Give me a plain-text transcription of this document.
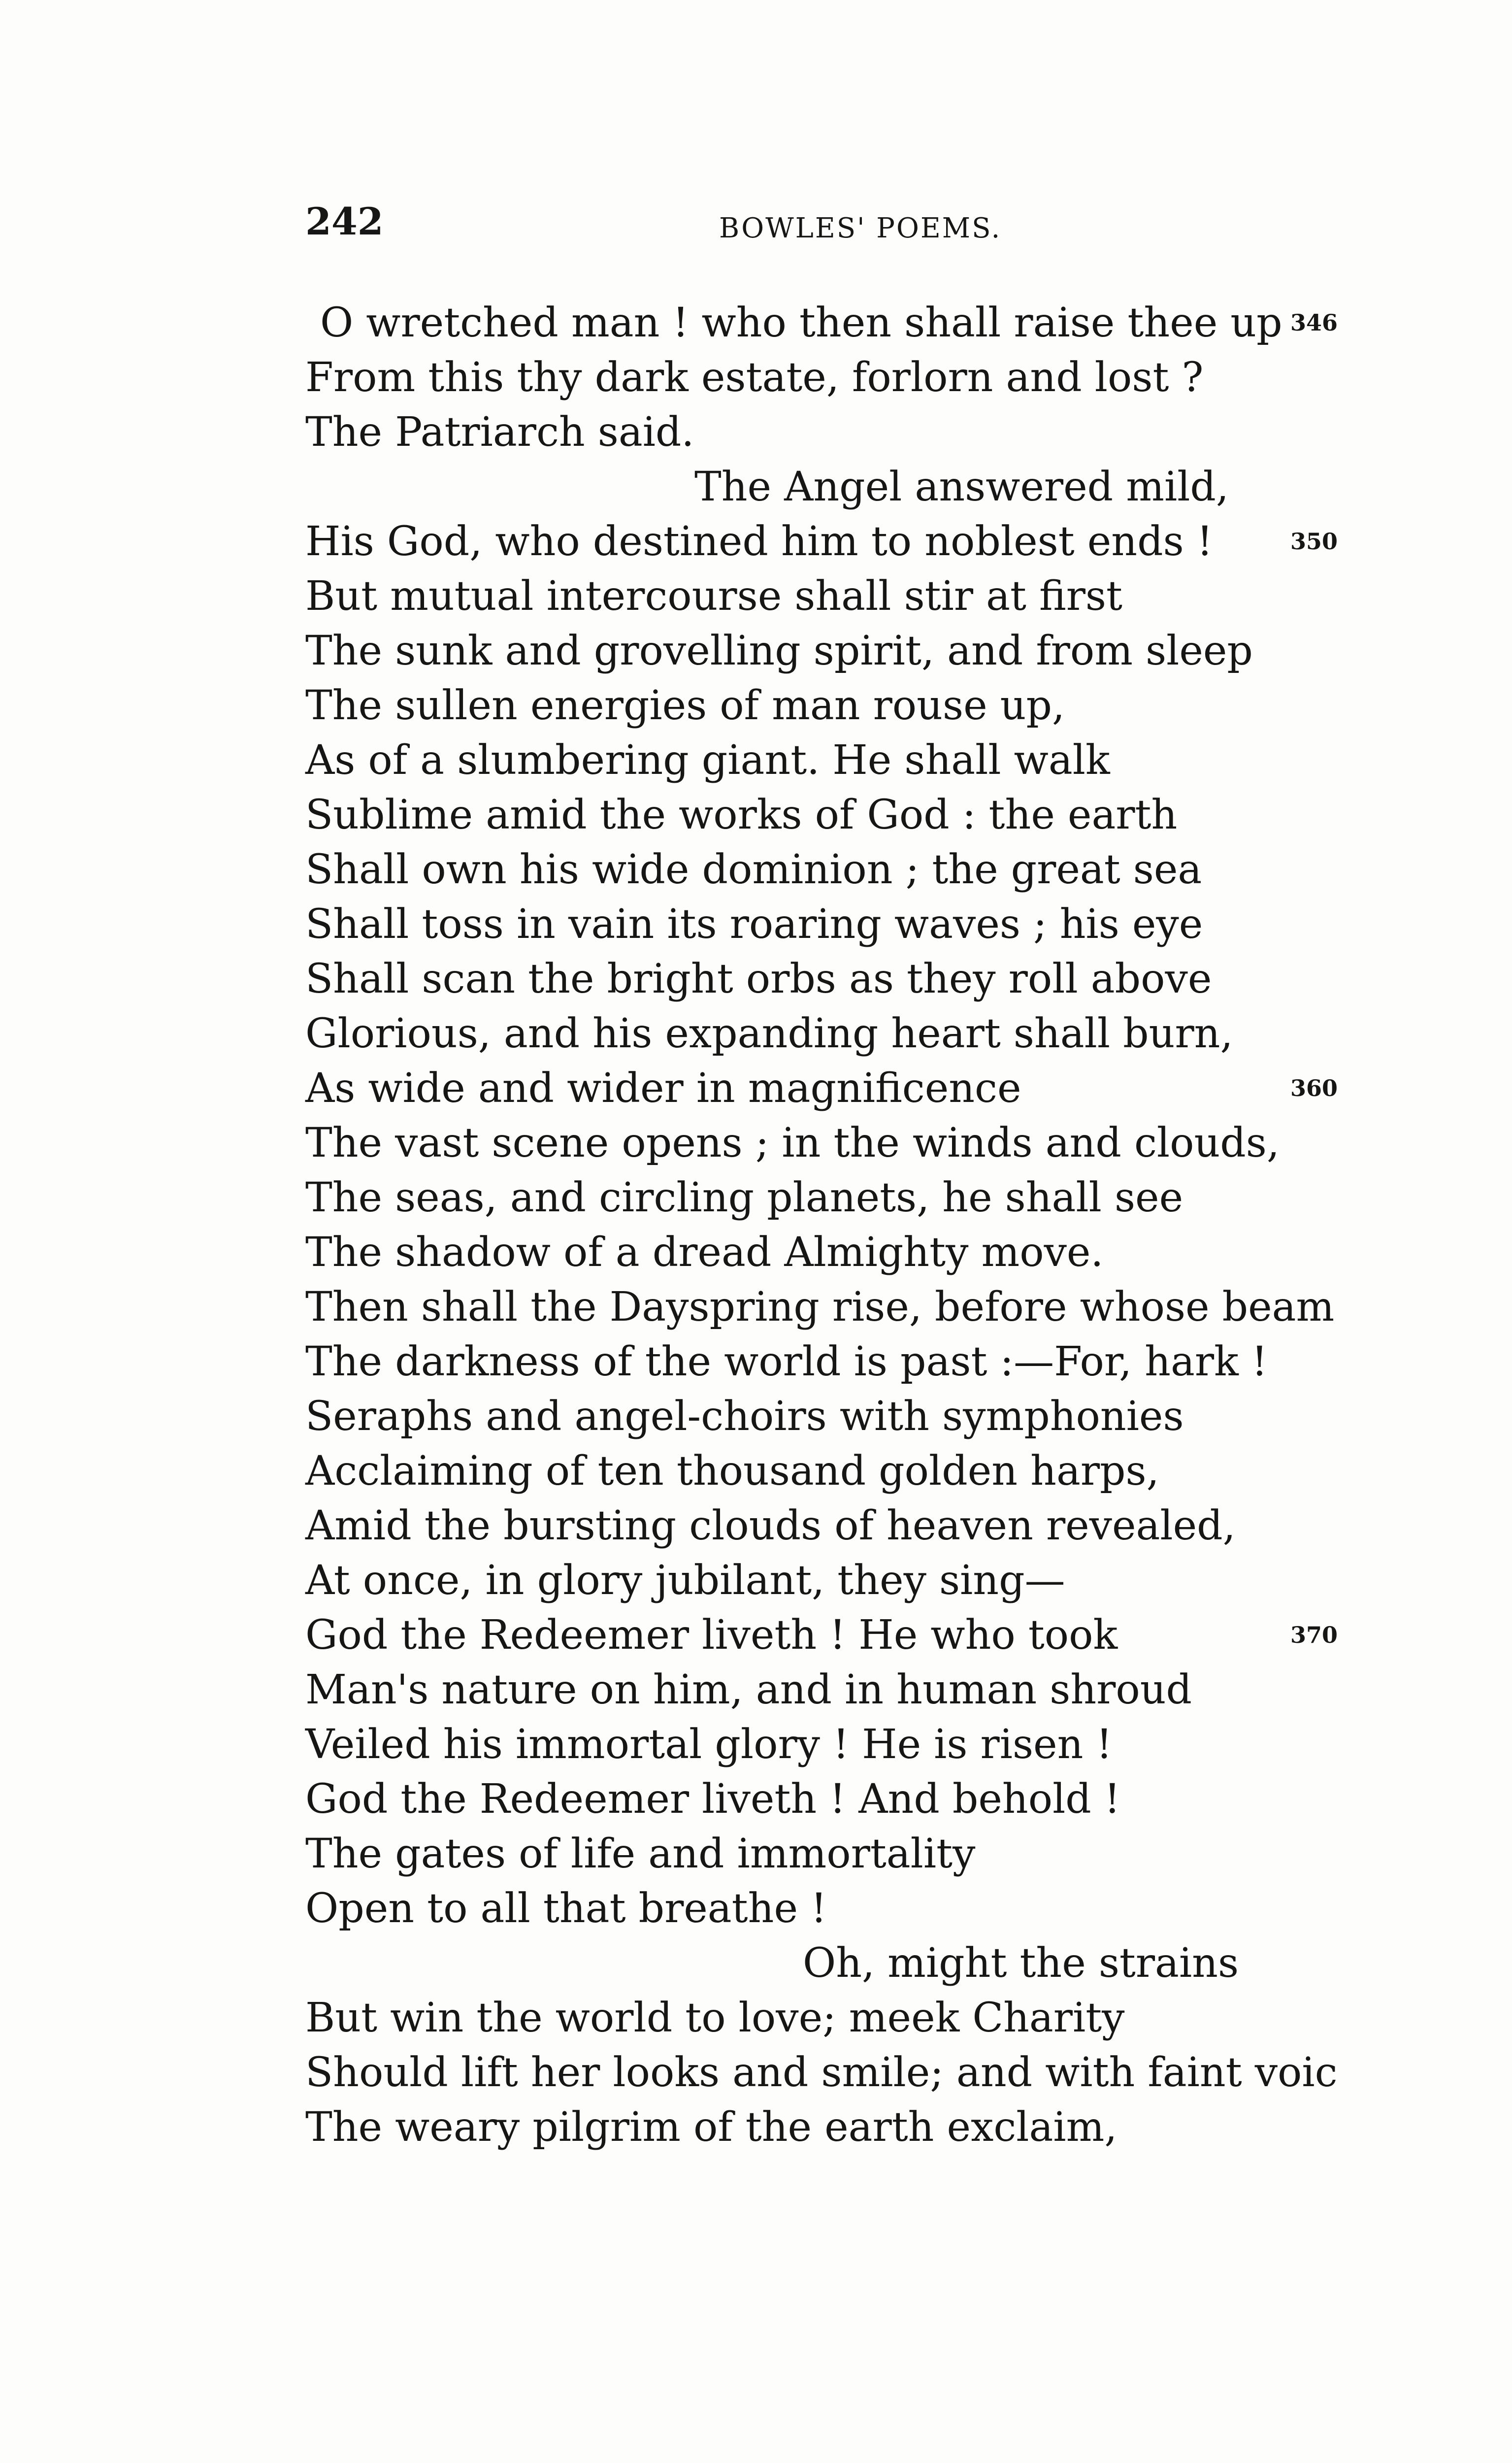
242	BOWLES' POEMS.
O wretched man ! who then shall raise thee up 346
From this thy dark estate, forlorn and lost ?
The Patriarch said.
The Angel answered mild,
His God, who destined him to noblest ends !	350
But mutual intercourse shall stir at first
The sunk and grovelling spirit, and from sleep
The sullen energies of man rouse up,
As of a slumbering giant. He shall walk
Sublime amid the works of God : the earth
Shall own his wide dominion ; the great sea
Shall toss in vain its roaring waves ; his eye
Shall scan the bright orbs as they roll above
Glorious, and his expanding heart shall burn,
As wide and wider in magnificence	360
The vast scene opens ; in the winds and clouds,
The seas, and circling planets, he shall see
The shadow of a dread Almighty move.
Then shall the Dayspring rise, before whose beam
The darkness of the world is past :—For, hark !
Seraphs and angel-choirs with symphonies
Acclaiming of ten thousand golden harps,
Amid the bursting clouds of heaven revealed,
At once, in glory jubilant, they sing—
God the Redeemer liveth ! He who took	370
Man's nature on him, and in human shroud
Veiled his immortal glory ! He is risen !
God the Redeemer liveth ! And behold !
The gates of life and immortality
Open to all that breathe !
Oh, might the strains
But win the world to love; meek Charity
Should lift her looks and smile; and with faint voic
The weary pilgrim of the earth exclaim,
